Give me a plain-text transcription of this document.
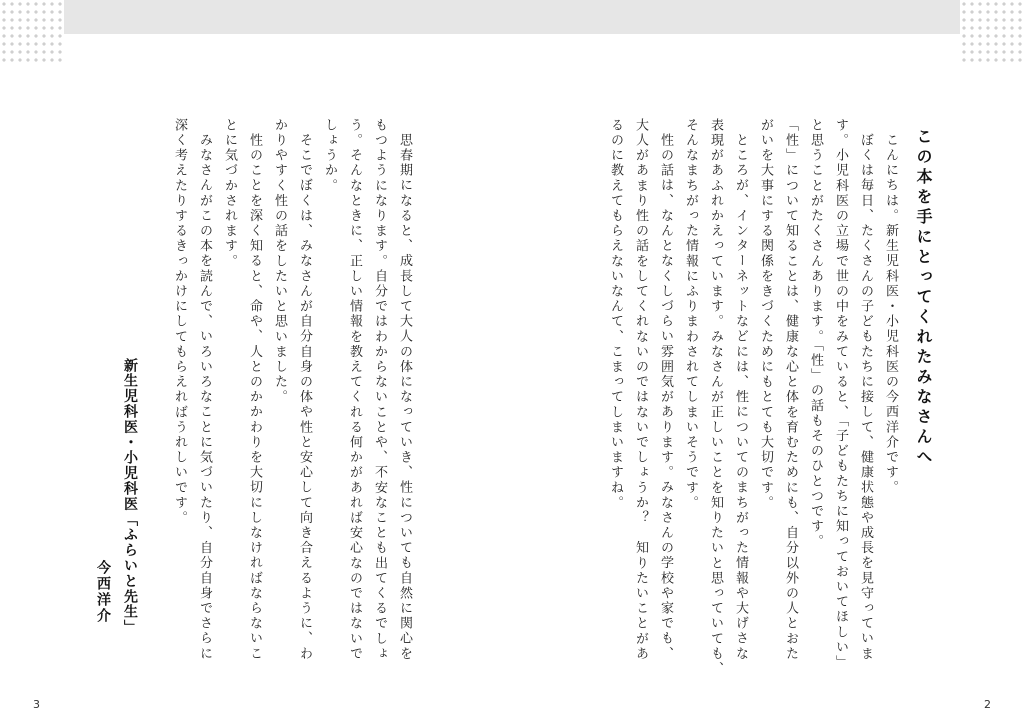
この本を手にとってくれたみなさんへ
こんにちは。新生児科医・小児科医の今西洋介です。
ぼくは毎日、たくさんの子どもたちに接して、健康状態や成長を見守っていま
す。小児科医の立場で世の中をみていると、「子どもたちに知っておいてほしい」
と思うことがたくさんあります。「性」の話もそのひとつです。
「性」について知ることは、健康な心と体を育むためにも、自分以外の人とおた
がいを大事にする関係をきづくためにもとても大切です。
ところが、インターネットなどには、性についてのまちがった情報や大げさな
表現があふれかえっています。みなさんが正しいことを知りたいと思っていても、
そんなまちがった情報にふりまわされてしまいそうです。
性の話は、なんとなくしづらい雰囲気があります。みなさんの学校や家でも、
大人があまり性の話をしてくれないのではないでしょうか？　知りたいことがあ
るのに教えてもらえないなんて、こまってしまいますね。
思春期になると、成長して大人の体になっていき、性についても自然に関心を
もつようになります。自分ではわからないことや、不安なことも出てくるでしょ
う。そんなときに、正しい情報を教えてくれる何かがあれば安心なのではないで
しょうか。
そこでぼくは、みなさんが自分自身の体や性と安心して向き合えるように、わ
かりやすく性の話をしたいと思いました。
性のことを深く知ると、命や、人とのかかわりを大切にしなければならないこ
とに気づかされます。
みなさんがこの本を読んで、いろいろなことに気づいたり、自分自身でさらに
深く考えたりするきっかけにしてもらえればうれしいです。
新生児科医・小児科医「ふらいと先生」
今西洋介
3	2
